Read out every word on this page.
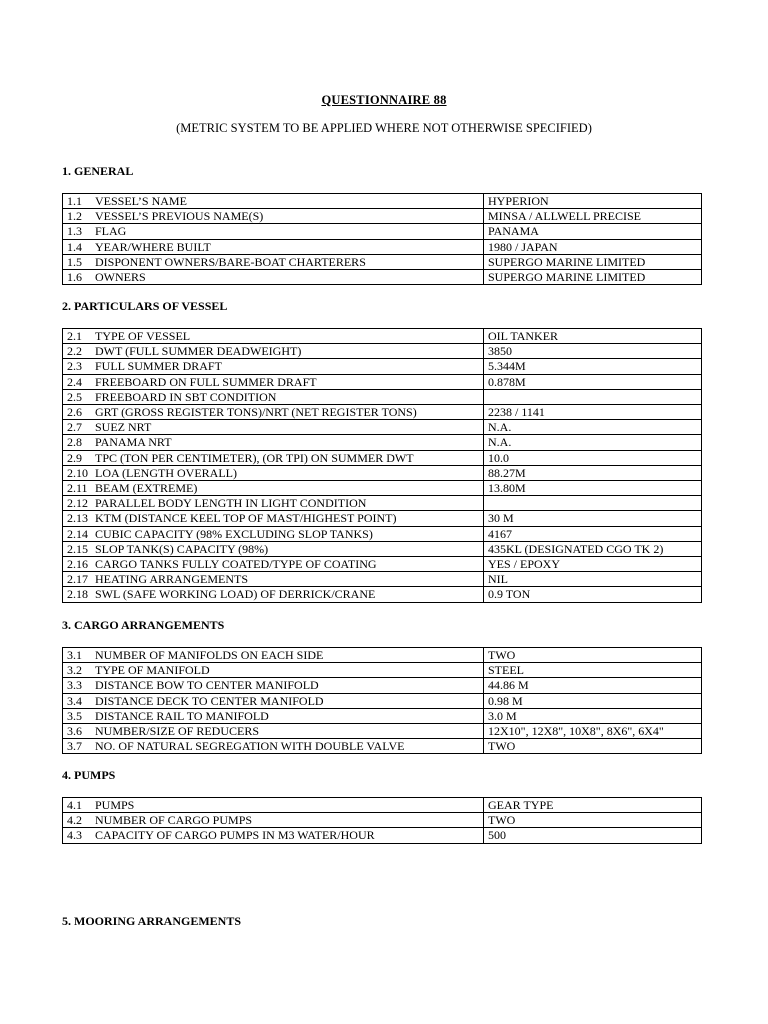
QUESTIONNAIRE 88
(METRIC SYSTEM TO BE APPLIED WHERE NOT OTHERWISE SPECIFIED)
1. GENERAL
1.1 VESSEL’S NAME	HYPERION
1.2 VESSEL’S PREVIOUS NAME(S)	MINSA / ALLWELL PRECISE
1.3 FLAG	PANAMA
1.4 YEAR/WHERE BUILT	1980 / JAPAN
1.5 DISPONENT OWNERS/BARE-BOAT CHARTERERS	SUPERGO MARINE LIMITED
1.6 OWNERS	SUPERGO MARINE LIMITED
2. PARTICULARS OF VESSEL
2.1 TYPE OF VESSEL	OIL TANKER
2.2 DWT (FULL SUMMER DEADWEIGHT)	3850
2.3 FULL SUMMER DRAFT	5.344M
2.4 FREEBOARD ON FULL SUMMER DRAFT	0.878M
2.5 FREEBOARD IN SBT CONDITION	
2.6 GRT (GROSS REGISTER TONS)/NRT (NET REGISTER TONS)	2238 / 1141
2.7 SUEZ NRT	N.A.
2.8 PANAMA NRT	N.A.
2.9 TPC (TON PER CENTIMETER), (OR TPI) ON SUMMER DWT	10.0
2.10 LOA (LENGTH OVERALL)	88.27M
2.11 BEAM (EXTREME)	13.80M
2.12 PARALLEL BODY LENGTH IN LIGHT CONDITION	
2.13 KTM (DISTANCE KEEL TOP OF MAST/HIGHEST POINT)	30 M
2.14 CUBIC CAPACITY (98% EXCLUDING SLOP TANKS)	4167
2.15 SLOP TANK(S) CAPACITY (98%)	435KL (DESIGNATED CGO TK 2)
2.16 CARGO TANKS FULLY COATED/TYPE OF COATING	YES / EPOXY
2.17 HEATING ARRANGEMENTS	NIL
2.18 SWL (SAFE WORKING LOAD) OF DERRICK/CRANE	0.9 TON
3. CARGO ARRANGEMENTS
3.1 NUMBER OF MANIFOLDS ON EACH SIDE	TWO
3.2 TYPE OF MANIFOLD	STEEL
3.3 DISTANCE BOW TO CENTER MANIFOLD	44.86 M
3.4 DISTANCE DECK TO CENTER MANIFOLD	0.98 M
3.5 DISTANCE RAIL TO MANIFOLD	3.0 M
3.6 NUMBER/SIZE OF REDUCERS	12X10", 12X8", 10X8", 8X6", 6X4"
3.7 NO. OF NATURAL SEGREGATION WITH DOUBLE VALVE	TWO
4. PUMPS
4.1 PUMPS	GEAR TYPE
4.2 NUMBER OF CARGO PUMPS	TWO
4.3 CAPACITY OF CARGO PUMPS IN M3 WATER/HOUR	500
5. MOORING ARRANGEMENTS
